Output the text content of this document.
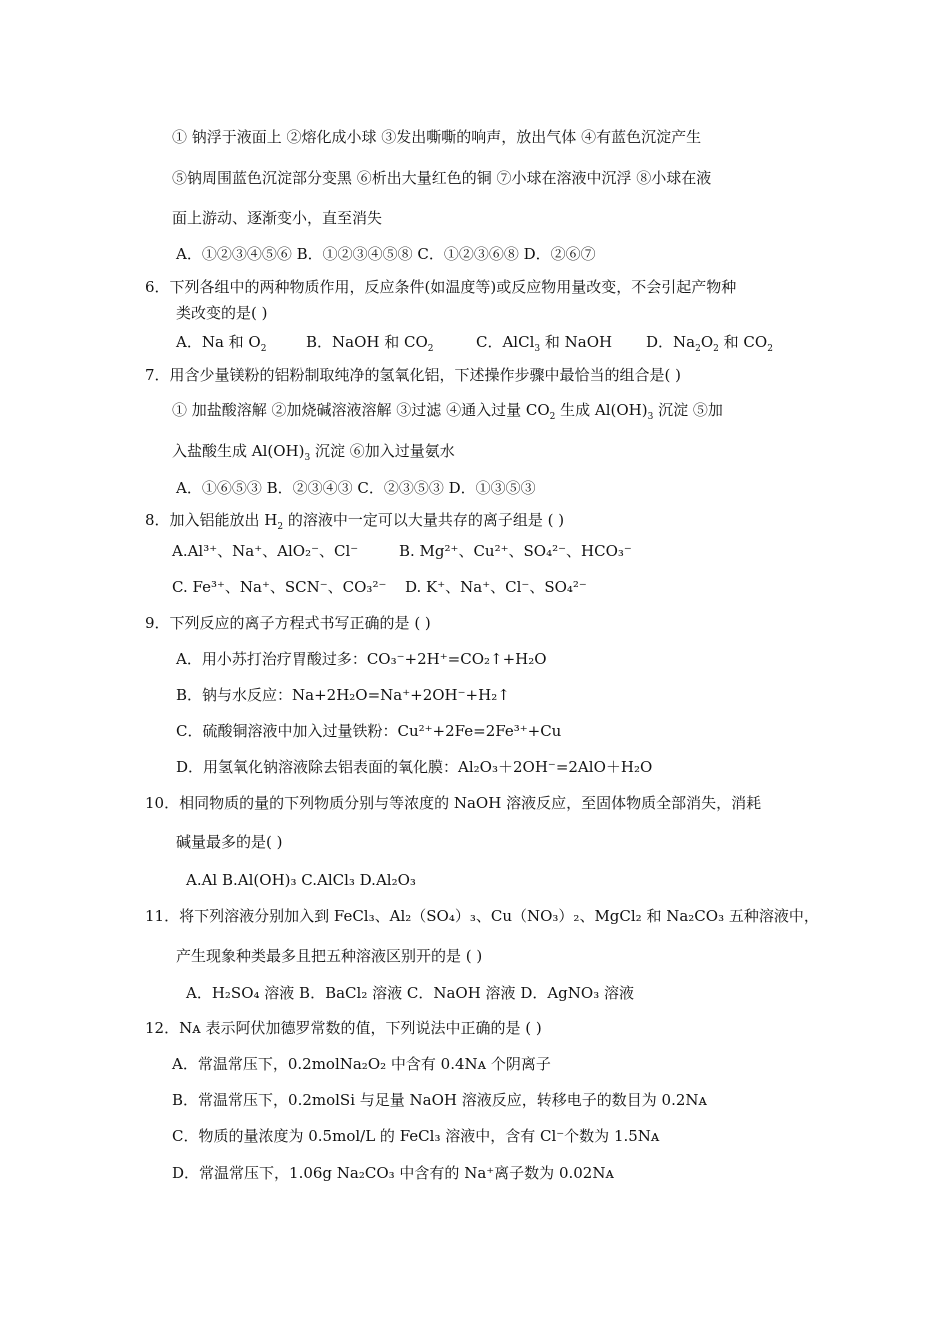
① 钠浮于液面上 ②熔化成小球 ③发出嘶嘶的响声，放出气体 ④有蓝色沉淀产生
⑤钠周围蓝色沉淀部分变黑 ⑥析出大量红色的铜 ⑦小球在溶液中沉浮 ⑧小球在液
面上游动、逐渐变小，直至消失
A．①②③④⑤⑥ B．①②③④⑤⑧ C．①②③⑥⑧ D．②⑥⑦
6．下列各组中的两种物质作用，反应条件(如温度等)或反应物用量改变，不会引起产物种
类改变的是( )
A．Na 和 $O_2$	B．NaOH 和 $CO_2$	C．AlCl$_3$ 和 NaOH D．$Na_2O_2$ 和 $CO_2$
7．用含少量镁粉的铝粉制取纯净的氢氧化铝，下述操作步骤中最恰当的组合是( )
① 加盐酸溶解 ②加烧碱溶液溶解 ③过滤 ④通入过量 $CO_2$ 生成 $Al(OH)_3$ 沉淀 ⑤加
入盐酸生成 $Al(OH)_3$ 沉淀 ⑥加入过量氨水
A．①⑥⑤③ B．②③④③ C．②③⑤③ D．①③⑤③
8．加入铝能放出 $H_2$ 的溶液中一定可以大量共存的离子组是 ( )
A.Al³⁺、Na⁺、AlO₂⁻、Cl⁻	B. Mg²⁺、Cu²⁺、SO₄²⁻、HCO₃⁻
C. Fe³⁺、Na⁺、SCN⁻、CO₃²⁻ D. K⁺、Na⁺、Cl⁻、SO₄²⁻
9．下列反应的离子方程式书写正确的是 ( )
A．用小苏打治疗胃酸过多：CO₃⁻+2H⁺=CO₂↑+H₂O
B．钠与水反应：Na+2H₂O=Na⁺+2OH⁻+H₂↑
C．硫酸铜溶液中加入过量铁粉：Cu²⁺+2Fe=2Fe³⁺+Cu
D．用氢氧化钠溶液除去铝表面的氧化膜：Al₂O₃＋2OH⁻=2AlO＋H₂O
10．相同物质的量的下列物质分别与等浓度的 NaOH 溶液反应，至固体物质全部消失，消耗
碱量最多的是( )
A.Al B.Al(OH)₃ C.AlCl₃ D.Al₂O₃
11．将下列溶液分别加入到 FeCl₃、Al₂（SO₄）₃、Cu（NO₃）₂、MgCl₂ 和 Na₂CO₃ 五种溶液中，
产生现象种类最多且把五种溶液区别开的是 ( )
A．H₂SO₄ 溶液 B．BaCl₂ 溶液 C．NaOH 溶液 D．AgNO₃ 溶液
12．Nᴀ 表示阿伏加德罗常数的值，下列说法中正确的是 ( )
A．常温常压下，0.2molNa₂O₂ 中含有 0.4Nᴀ 个阴离子
B．常温常压下，0.2molSi 与足量 NaOH 溶液反应，转移电子的数目为 0.2Nᴀ
C．物质的量浓度为 0.5mol/L 的 FeCl₃ 溶液中，含有 Cl⁻个数为 1.5Nᴀ
D．常温常压下，1.06g Na₂CO₃ 中含有的 Na⁺离子数为 0.02Nᴀ
